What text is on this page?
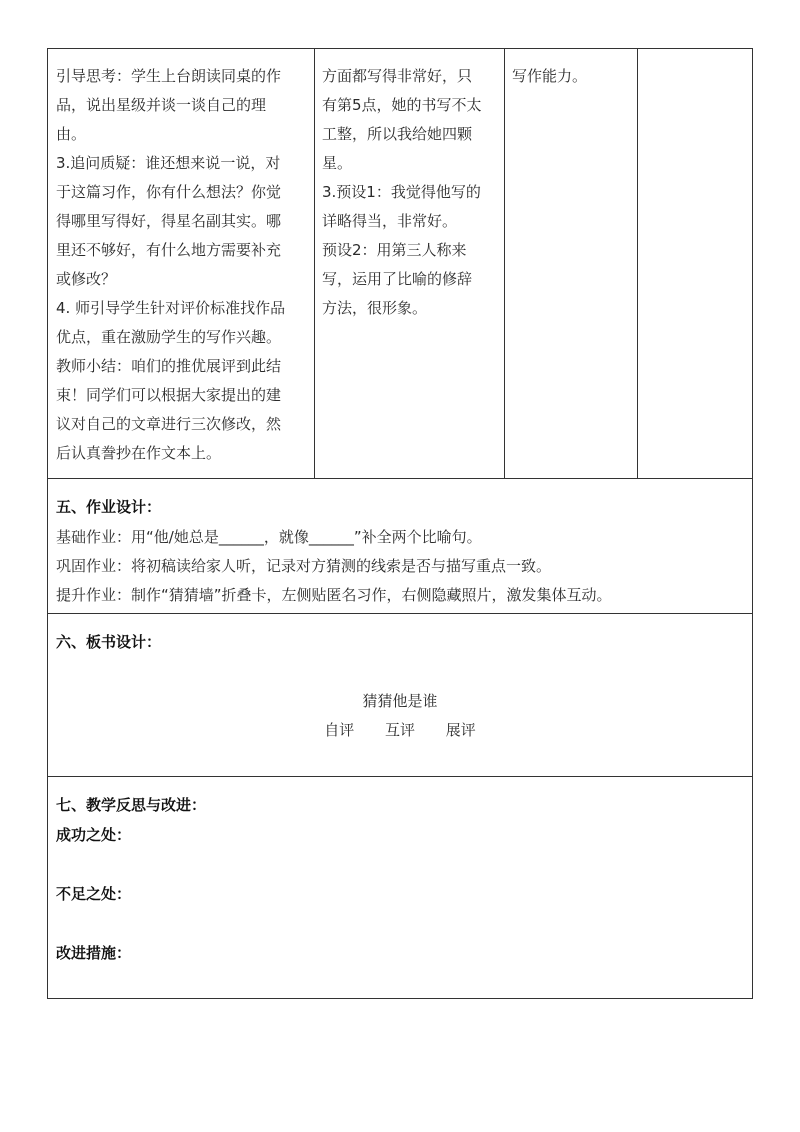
引导思考：学生上台朗读同桌的作

品，说出星级并谈一谈自己的理

由。

3.追问质疑：谁还想来说一说，对

于这篇习作，你有什么想法？你觉

得哪里写得好，得星名副其实。哪

里还不够好，有什么地方需要补充

或修改？

4. 师引导学生针对评价标准找作品

优点，重在激励学生的写作兴趣。

教师小结：咱们的推优展评到此结

束！同学们可以根据大家提出的建

议对自己的文章进行三次修改，然

后认真誊抄在作文本上。

方面都写得非常好，只

有第5点，她的书写不太

工整，所以我给她四颗

星。

3.预设1：我觉得他写的

详略得当，非常好。

预设2：用第三人称来

写，运用了比喻的修辞

方法，很形象。

写作能力。

五、作业设计：
基础作业：用“他/她总是______，就像______”补全两个比喻句。
巩固作业：将初稿读给家人听，记录对方猜测的线索是否与描写重点一致。
提升作业：制作“猜猜墙”折叠卡，左侧贴匿名习作，右侧隐藏照片，激发集体互动。
六、板书设计：
猜猜他是谁
自评 互评 展评
七、教学反思与改进：
成功之处：
不足之处：
改进措施：
